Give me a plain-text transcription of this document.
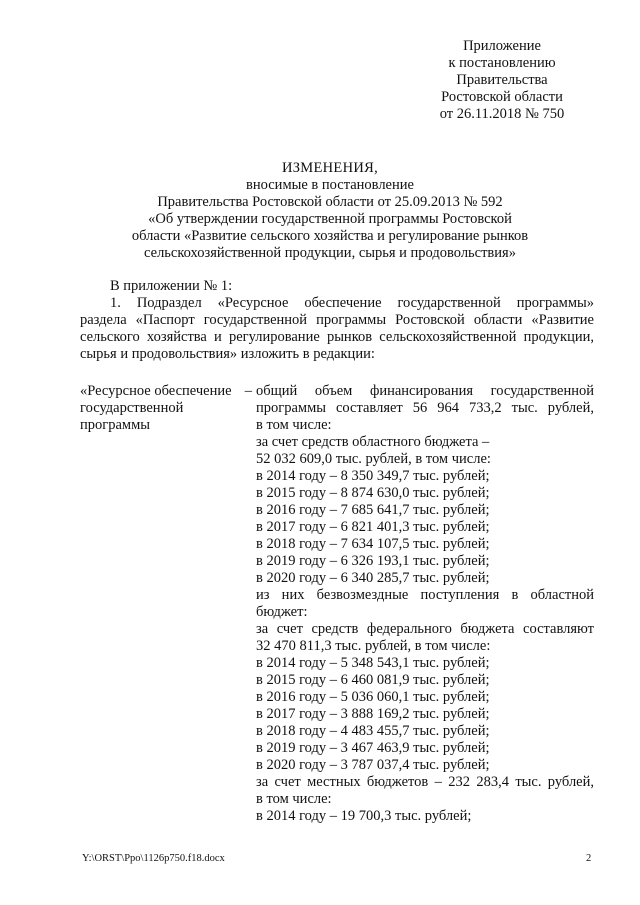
Приложение
к постановлению
Правительства
Ростовской области
от 26.11.2018 № 750
ИЗМЕНЕНИЯ,
вносимые в постановление
Правительства Ростовской области от 25.09.2013 № 592
«Об утверждении государственной программы Ростовской
области «Развитие сельского хозяйства и регулирование рынков
сельскохозяйственной продукции, сырья и продовольствия»
В приложении № 1:
1. Подраздел «Ресурсное обеспечение государственной программы»
раздела «Паспорт государственной программы Ростовской области «Развитие
сельского хозяйства и регулирование рынков сельскохозяйственной продукции,
сырья и продовольствия» изложить в редакции:
«Ресурсное обеспечение –
государственной
программы
общий объем финансирования государственной
программы составляет 56 964 733,2 тыс. рублей,
в том числе:
за счет средств областного бюджета –
52 032 609,0 тыс. рублей, в том числе:
в 2014 году – 8 350 349,7 тыс. рублей;
в 2015 году – 8 874 630,0 тыс. рублей;
в 2016 году – 7 685 641,7 тыс. рублей;
в 2017 году – 6 821 401,3 тыс. рублей;
в 2018 году – 7 634 107,5 тыс. рублей;
в 2019 году – 6 326 193,1 тыс. рублей;
в 2020 году – 6 340 285,7 тыс. рублей;
из них безвозмездные поступления в областной
бюджет:
за счет средств федерального бюджета составляют
32 470 811,3 тыс. рублей, в том числе:
в 2014 году – 5 348 543,1 тыс. рублей;
в 2015 году – 6 460 081,9 тыс. рублей;
в 2016 году – 5 036 060,1 тыс. рублей;
в 2017 году – 3 888 169,2 тыс. рублей;
в 2018 году – 4 483 455,7 тыс. рублей;
в 2019 году – 3 467 463,9 тыс. рублей;
в 2020 году – 3 787 037,4 тыс. рублей;
за счет местных бюджетов – 232 283,4 тыс. рублей,
в том числе:
в 2014 году – 19 700,3 тыс. рублей;
Y:\ORST\Ppo\1126p750.f18.docx	2
